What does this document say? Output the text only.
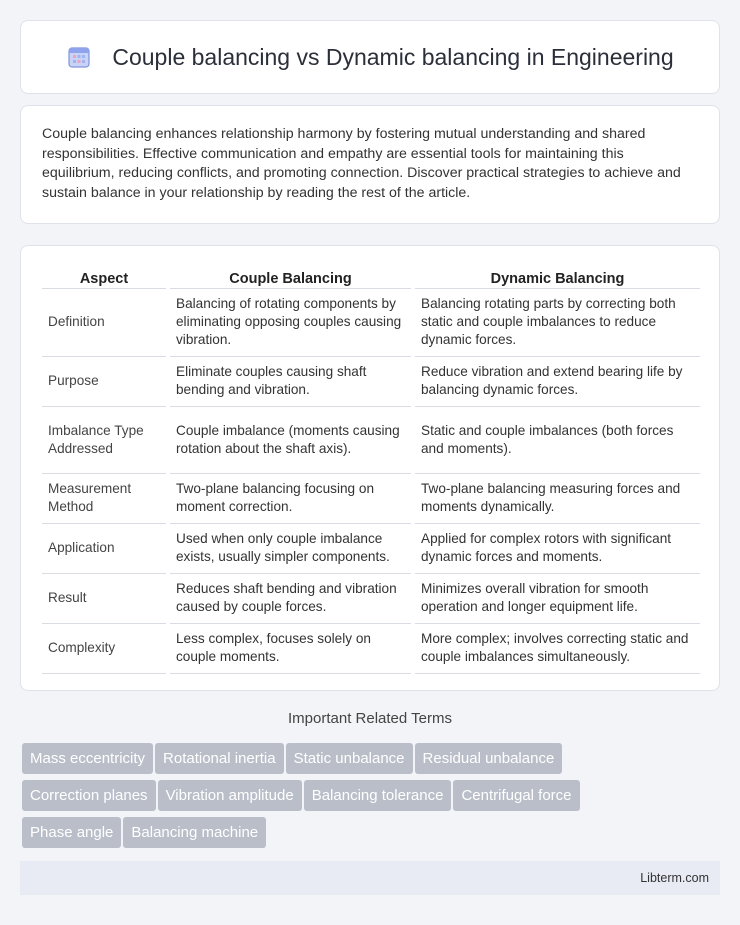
Couple balancing vs Dynamic balancing in Engineering

Couple balancing enhances relationship harmony by fostering mutual understanding and shared responsibilities. Effective communication and empathy are essential tools for maintaining this equilibrium, reducing conflicts, and promoting connection. Discover practical strategies to achieve and sustain balance in your relationship by reading the rest of the article.

Aspect	Couple Balancing	Dynamic Balancing
Definition	Balancing of rotating components by eliminating opposing couples causing vibration.	Balancing rotating parts by correcting both static and couple imbalances to reduce dynamic forces.
Purpose	Eliminate couples causing shaft bending and vibration.	Reduce vibration and extend bearing life by balancing dynamic forces.
Imbalance Type Addressed	Couple imbalance (moments causing rotation about the shaft axis).	Static and couple imbalances (both forces and moments).
Measurement Method	Two-plane balancing focusing on moment correction.	Two-plane balancing measuring forces and moments dynamically.
Application	Used when only couple imbalance exists, usually simpler components.	Applied for complex rotors with significant dynamic forces and moments.
Result	Reduces shaft bending and vibration caused by couple forces.	Minimizes overall vibration for smooth operation and longer equipment life.
Complexity	Less complex, focuses solely on couple moments.	More complex; involves correcting static and couple imbalances simultaneously.
Important Related Terms
Mass eccentricity Rotational inertia Static unbalance Residual unbalance
Correction planes Vibration amplitude Balancing tolerance Centrifugal force
Phase angle Balancing machine
Libterm.com
